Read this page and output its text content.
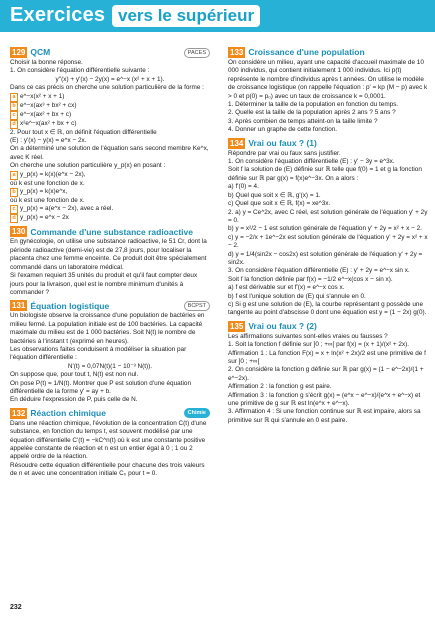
Exercices vers le supérieur
129 QCM	PACES

Choisir la bonne réponse.

1. On considère l'équation différentielle suivante :

y''(x) + y'(x) − 2y(x) = e^−x (x² + x + 1).

Dans ce cas précis on cherche une solution particulière de la forme :

a e^−x(x² + x + 1)

b e^−x(ax³ + bx² + cx)

c e^−x(ax² + bx + c)

d x²e^−x(ax² + bx + c)

2. Pour tout x ∈ ℝ, on définit l'équation différentielle

(E) : y'(x) − y(x) = e^x − 2x.

On a déterminé une solution de l'équation sans second membre Ke^x, avec K réel.

On cherche une solution particulière y_p(x) en posant :

a y_p(x) = k(x)(e^x − 2x),

où k est une fonction de x.

b y_p(x) = k(x)e^x,

où k est une fonction de x.

c y_p(x) = a(e^x − 2x), avec a réel.

d y_p(x) = e^x − 2x

130 Commande d'une substance radioactive

En gynécologie, on utilise une substance radioactive, le 51 Cr, dont la période radioactive (demi-vie) est de 27,8 jours, pour localiser la placenta chez une femme enceinte. Ce produit doit être spécialement commandé dans un laboratoire médical.

Si l'examen requiert 35 unités du produit et qu'il faut compter deux jours pour la livraison, quel est le nombre minimum d'unités à commander ?

131 Équation logistique	BCPST

Un biologiste observe la croissance d'une population de bactéries en milieu fermé. La population initiale est de 100 bactéries. La capacité maximale du milieu est de 1 000 bactéries. Soit N(t) le nombre de bactéries à l'instant t (exprimé en heures).

Les observations faites conduisent à modéliser la situation par l'équation différentielle :

N'(t) = 0,07N(t)(1 − 10⁻³ N(t)).

On suppose que, pour tout t, N(t) est non nul.

On pose P(t) = 1/N(t). Montrer que P est solution d'une équation différentielle de la forme y' = ay + b.

En déduire l'expression de P, puis celle de N.

132 Réaction chimique	Chimie

Dans une réaction chimique, l'évolution de la concentration C(t) d'une substance, en fonction du temps t, est souvent modélisé par une équation différentielle C'(t) = −kC^n(t) où k est une constante positive appelée constante de réaction et n est un entier égal à 0 ; 1 ou 2 appelé ordre de la réaction.

Résoudre cette équation différentielle pour chacune des trois valeurs de n et avec une concentration initiale C₀ pour t = 0.

133 Croissance d'une population

On considère un milieu, ayant une capacité d'accueil maximale de 10 000 individus, qui contient initialement 1 000 individus. Ici p(t) représente le nombre d'individus après t années. On utilise le modèle de croissance logistique (on rappelle l'équation : p' = kp (M − p) avec k > 0 et p(0) = p₀) avec un taux de croissance k = 0,0001.

1. Déterminer la taille de la population en fonction du temps.

2. Quelle est la taille de la population après 2 ans ? 5 ans ?

3. Après combien de temps atteint-on la taille limite ?

4. Donner un graphe de cette fonction.

134 Vrai ou faux ? (1)

Répondre par vrai ou faux sans justifier.

1. On considère l'équation différentielle (E) : y' − 3y = e^3x.

Soit f la solution de (E) définie sur ℝ telle que f(0) = 1 et g la fonction définie sur ℝ par g(x) = f(x)e^−3x. On a alors :

a) f'(0) = 4.

b) Quel que soit x ∈ ℝ, g'(x) = 1.

c) Quel que soit x ∈ ℝ, f(x) = xe^3x.

2. a) y = Ce^2x, avec C réel, est solution générale de l'équation y' + 2y = 0.

b) y = x²/2 − 1 est solution générale de l'équation y' + 2y = x² + x − 2.

c) y = −2/x + 1e^−2x est solution générale de l'équation y' + 2y = x² + x − 2.

d) y = 1/4(sin2x − cos2x) est solution générale de l'équation y' + 2y = sin2x.

3. On considère l'équation différentielle (E) : y' + 2y = e^−x sin x.

Soit f la fonction définie par f(x) = −1/2 e^−x(cos x − sin x).

a) f est dérivable sur et f'(x) = e^−x cos x.

b) f est l'unique solution de (E) qui s'annule en 0.

c) Si g est une solution de (E), la courbe représentant g possède une tangente au point d'abscisse 0 dont une équation est y = (1 − 2x) g(0).

135 Vrai ou faux ? (2)

Les affirmations suivantes sont-elles vraies ou fausses ?

1. Soit la fonction f définie sur ]0 ; +∞[ par f(x) = (x + 1)/(x² + 2x).

Affirmation 1 : La fonction F(x) = x + ln(x² + 2x)/2 est une primitive de f sur ]0 ; +∞[

2. On considère la fonction g définie sur ℝ par g(x) = (1 − e^−2x)/(1 + e^−2x).

Affirmation 2 : la fonction g est paire.

Affirmation 3 : la fonction g s'écrit g(x) = (e^x − e^−x)/(e^x + e^−x) et une primitive de g sur ℝ est ln(e^x + e^−x).

3. Affirmation 4 : Si une fonction continue sur ℝ est impaire, alors sa primitive sur ℝ qui s'annule en 0 est paire.

232
